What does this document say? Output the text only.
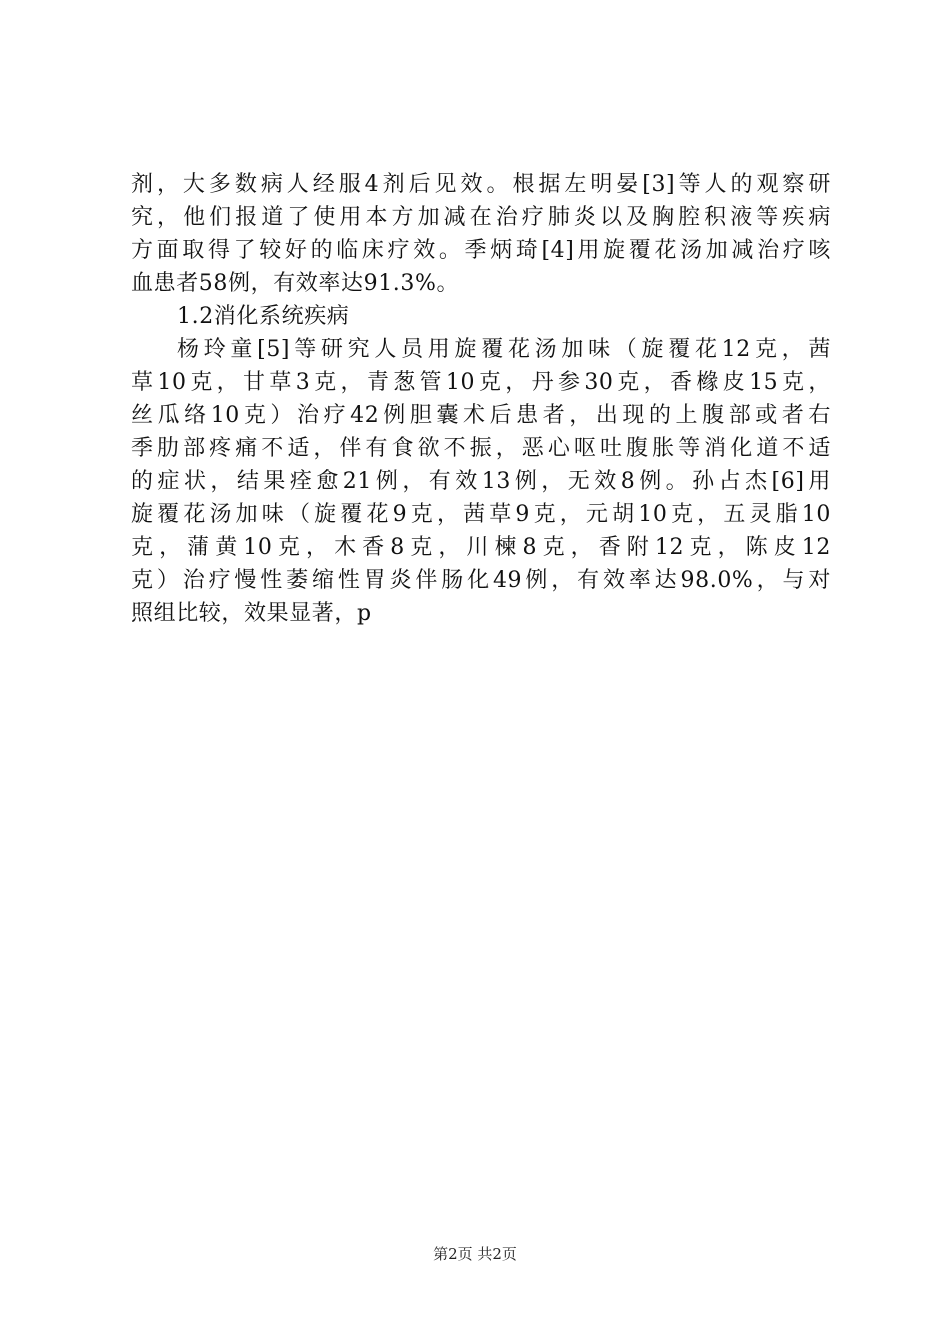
剂，大多数病人经服4剂后见效。根据左明晏[3]等人的观察研
究，他们报道了使用本方加减在治疗肺炎以及胸腔积液等疾病
方面取得了较好的临床疗效。季炳琦[4]用旋覆花汤加减治疗咳
血患者58例，有效率达91.3%。
1.2消化系统疾病
杨玲童[5]等研究人员用旋覆花汤加味（旋覆花12克，茜
草10克，甘草3克，青葱管10克，丹参30克，香橼皮15克，
丝瓜络10克）治疗42例胆囊术后患者，出现的上腹部或者右
季肋部疼痛不适，伴有食欲不振，恶心呕吐腹胀等消化道不适
的症状，结果痊愈21例，有效13例，无效8例。孙占杰[6]用
旋覆花汤加味（旋覆花9克，茜草9克，元胡10克，五灵脂10
克，蒲黄10克，木香8克，川楝8克，香附12克，陈皮12
克）治疗慢性萎缩性胃炎伴肠化49例，有效率达98.0%，与对
照组比较，效果显著，p
第2页 共2页
